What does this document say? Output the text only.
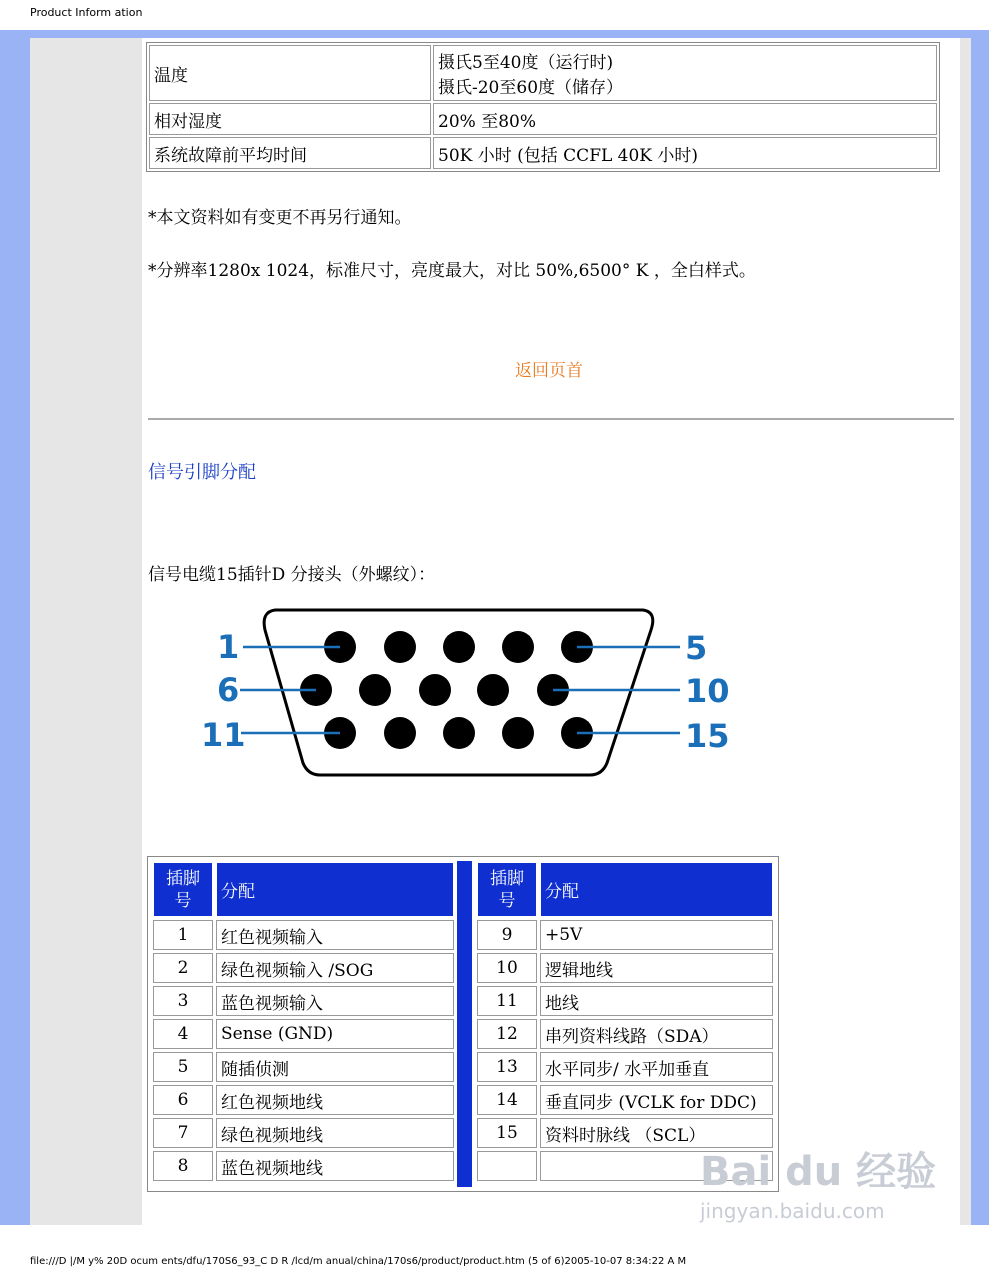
Product Inform ation
温度	摄氏5至40度（运行时)
摄氏-20至60度（储存）

相对湿度	20% 至80%
系统故障前平均时间	50K 小时 (包括 CCFL 40K 小时)
*本文资料如有变更不再另行通知。
*分辨率1280x 1024，标准尺寸，亮度最大，对比 50%,6500° K ，全白样式。
返回页首
信号引脚分配
信号电缆15插针D 分接头（外螺纹）：
1	5
6	10
11	15
插脚
号	分配
1	红色视频输入
2	绿色视频输入 /SOG
3	蓝色视频输入
4	Sense (GND)
5	随插侦测
6	红色视频地线
7	绿色视频地线
8	蓝色视频地线
插脚
号	分配
9	+5V
10	逻辑地线
11	地线
12	串列资料线路（SDA）
13	水平同步/ 水平加垂直
14	垂直同步 (VCLK for DDC)
15	资料时脉线 （SCL）

Bai du 经验
jingyan.baidu.com
file:///D |/M y% 20D ocum ents/dfu/170S6_93_C D R /lcd/m anual/china/170s6/product/product.htm (5 of 6)2005-10-07 8:34:22 A M
